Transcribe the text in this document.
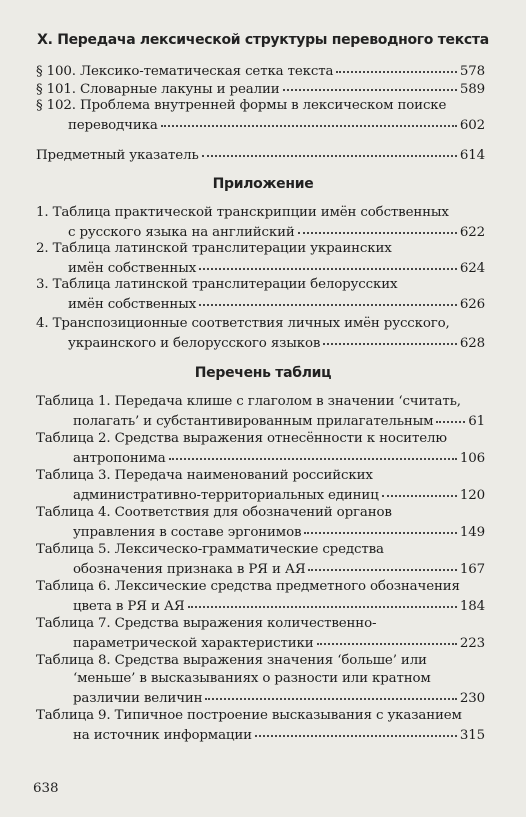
X. Передача лексической структуры переводного текста
§ 100. Лексико-тематическая сетка текста	578
§ 101. Словарные лакуны и реалии	589
§ 102. Проблема внутренней формы в лексическом поиске
переводчика	602
Предметный указатель	614
Приложение
1. Таблица практической транскрипции имён собственных
с русского языка на английский	622
2. Таблица латинской транслитерации украинских
имён собственных	624
3. Таблица латинской транслитерации белорусских
имён собственных	626
4. Транспозиционные соответствия личных имён русского,
украинского и белорусского языков	628
Перечень таблиц
Таблица 1. Передача клише с глаголом в значении ‘считать,
полагать’ и субстантивированным прилагательным	61
Таблица 2. Средства выражения отнесённости к носителю
антропонима	106
Таблица 3. Передача наименований российских
административно-территориальных единиц	120
Таблица 4. Соответствия для обозначений органов
управления в составе эргонимов	149
Таблица 5. Лексическо-грамматические средства
обозначения признака в РЯ и АЯ	167
Таблица 6. Лексические средства предметного обозначения
цвета в РЯ и АЯ	184
Таблица 7. Средства выражения количественно-
параметрической характеристики	223
Таблица 8. Средства выражения значения ‘больше’ или
‘меньше’ в высказываниях о разности или кратном
различии величин	230
Таблица 9. Типичное построение высказывания с указанием
на источник информации	315
638
